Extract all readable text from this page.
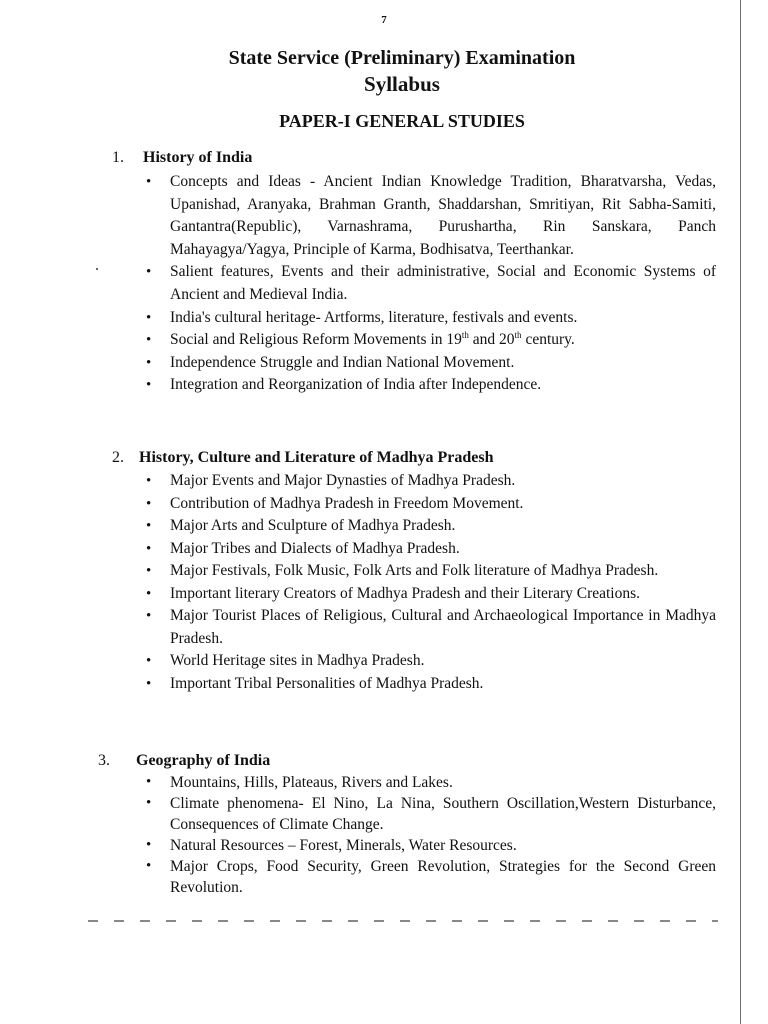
7
State Service (Preliminary) Examination
Syllabus
PAPER-I GENERAL STUDIES
1. History of India
• Concepts and Ideas - Ancient Indian Knowledge Tradition, Bharatvarsha, Vedas, Upanishad, Aranyaka, Brahman Granth, Shaddarshan, Smritiyan, Rit Sabha-Samiti, Gantantra(Republic), Varnashrama, Purushartha, Rin Sanskara, Panch Mahayagya/Yagya, Principle of Karma, Bodhisatva, Teerthankar.
• Salient features, Events and their administrative, Social and Economic Systems of Ancient and Medieval India.
• India's cultural heritage- Artforms, literature, festivals and events.
• Social and Religious Reform Movements in 19th and 20th century.
• Independence Struggle and Indian National Movement.
• Integration and Reorganization of India after Independence.
2. History, Culture and Literature of Madhya Pradesh
• Major Events and Major Dynasties of Madhya Pradesh.
• Contribution of Madhya Pradesh in Freedom Movement.
• Major Arts and Sculpture of Madhya Pradesh.
• Major Tribes and Dialects of Madhya Pradesh.
• Major Festivals, Folk Music, Folk Arts and Folk literature of Madhya Pradesh.
• Important literary Creators of Madhya Pradesh and their Literary Creations.
• Major Tourist Places of Religious, Cultural and Archaeological Importance in Madhya Pradesh.
• World Heritage sites in Madhya Pradesh.
• Important Tribal Personalities of Madhya Pradesh.
3. Geography of India
• Mountains, Hills, Plateaus, Rivers and Lakes.
• Climate phenomena- El Nino, La Nina, Southern Oscillation,Western Disturbance, Consequences of Climate Change.
• Natural Resources – Forest, Minerals, Water Resources.
• Major Crops, Food Security, Green Revolution, Strategies for the Second Green Revolution.
